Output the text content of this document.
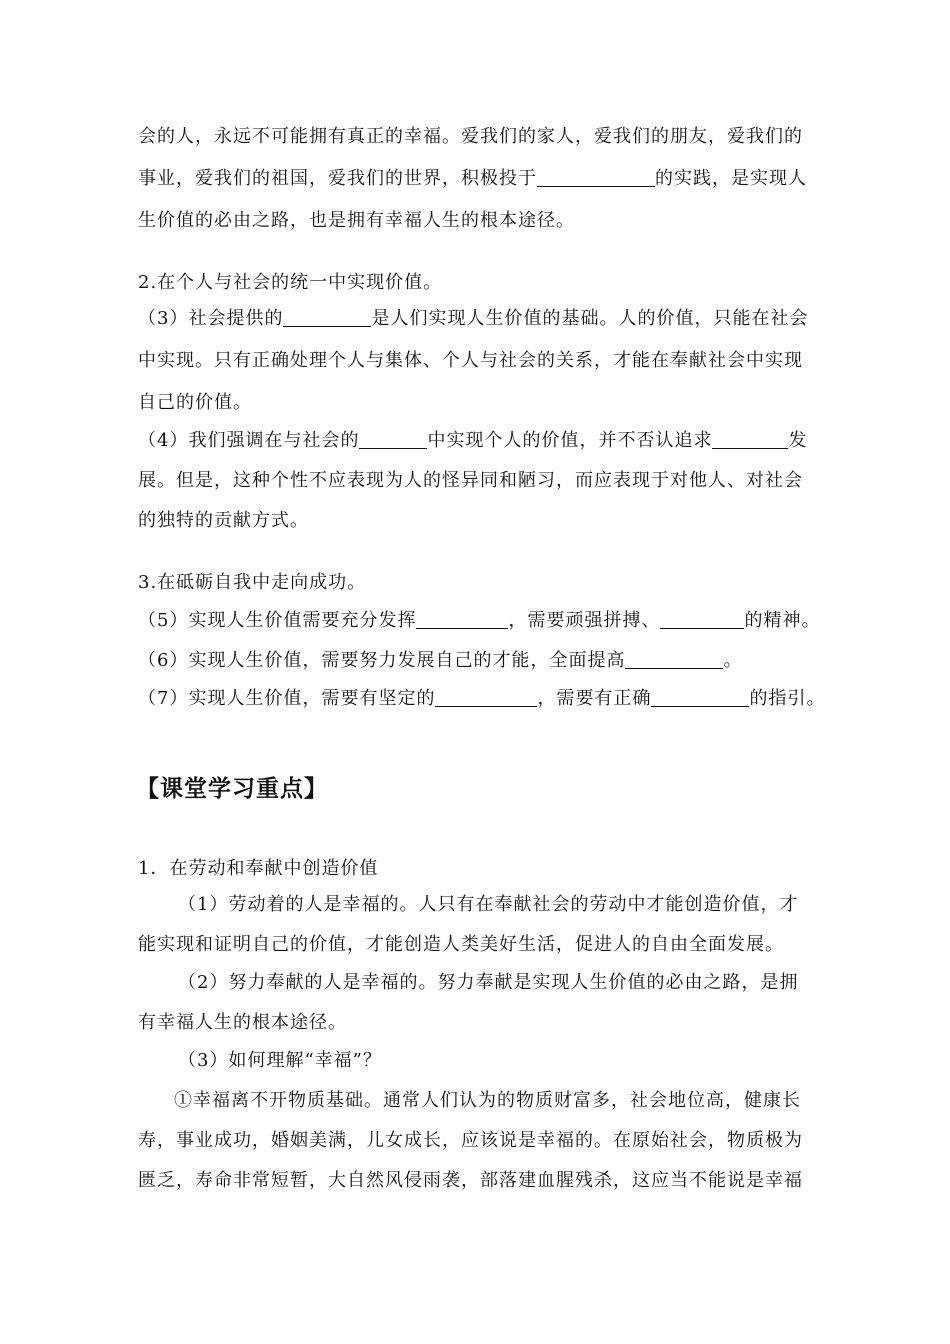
会的人，永远不可能拥有真正的幸福。爱我们的家人，爱我们的朋友，爱我们的
事业，爱我们的祖国，爱我们的世界，积极投于	的实践，是实现人
生价值的必由之路，也是拥有幸福人生的根本途径。
2.在个人与社会的统一中实现价值。
（3）社会提供的	是人们实现人生价值的基础。人的价值，只能在社会
中实现。只有正确处理个人与集体、个人与社会的关系，才能在奉献社会中实现
自己的价值。
（4）我们强调在与社会的	中实现个人的价值，并不否认追求	发
展。但是，这种个性不应表现为人的怪异同和陋习，而应表现于对他人、对社会
的独特的贡献方式。
3.在砥砺自我中走向成功。
（5）实现人生价值需要充分发挥	，需要顽强拼搏、	的精神。
（6）实现人生价值，需要努力发展自己的才能，全面提高	。
（7）实现人生价值，需要有坚定的	，需要有正确	的指引。
【课堂学习重点】
1．在劳动和奉献中创造价值
（1）劳动着的人是幸福的。人只有在奉献社会的劳动中才能创造价值，才
能实现和证明自己的价值，才能创造人类美好生活，促进人的自由全面发展。
（2）努力奉献的人是幸福的。努力奉献是实现人生价值的必由之路，是拥
有幸福人生的根本途径。
（3）如何理解“幸福”？
①幸福离不开物质基础。通常人们认为的物质财富多，社会地位高，健康长
寿，事业成功，婚姻美满，儿女成长，应该说是幸福的。在原始社会，物质极为
匮乏，寿命非常短暂，大自然风侵雨袭，部落建血腥残杀，这应当不能说是幸福
